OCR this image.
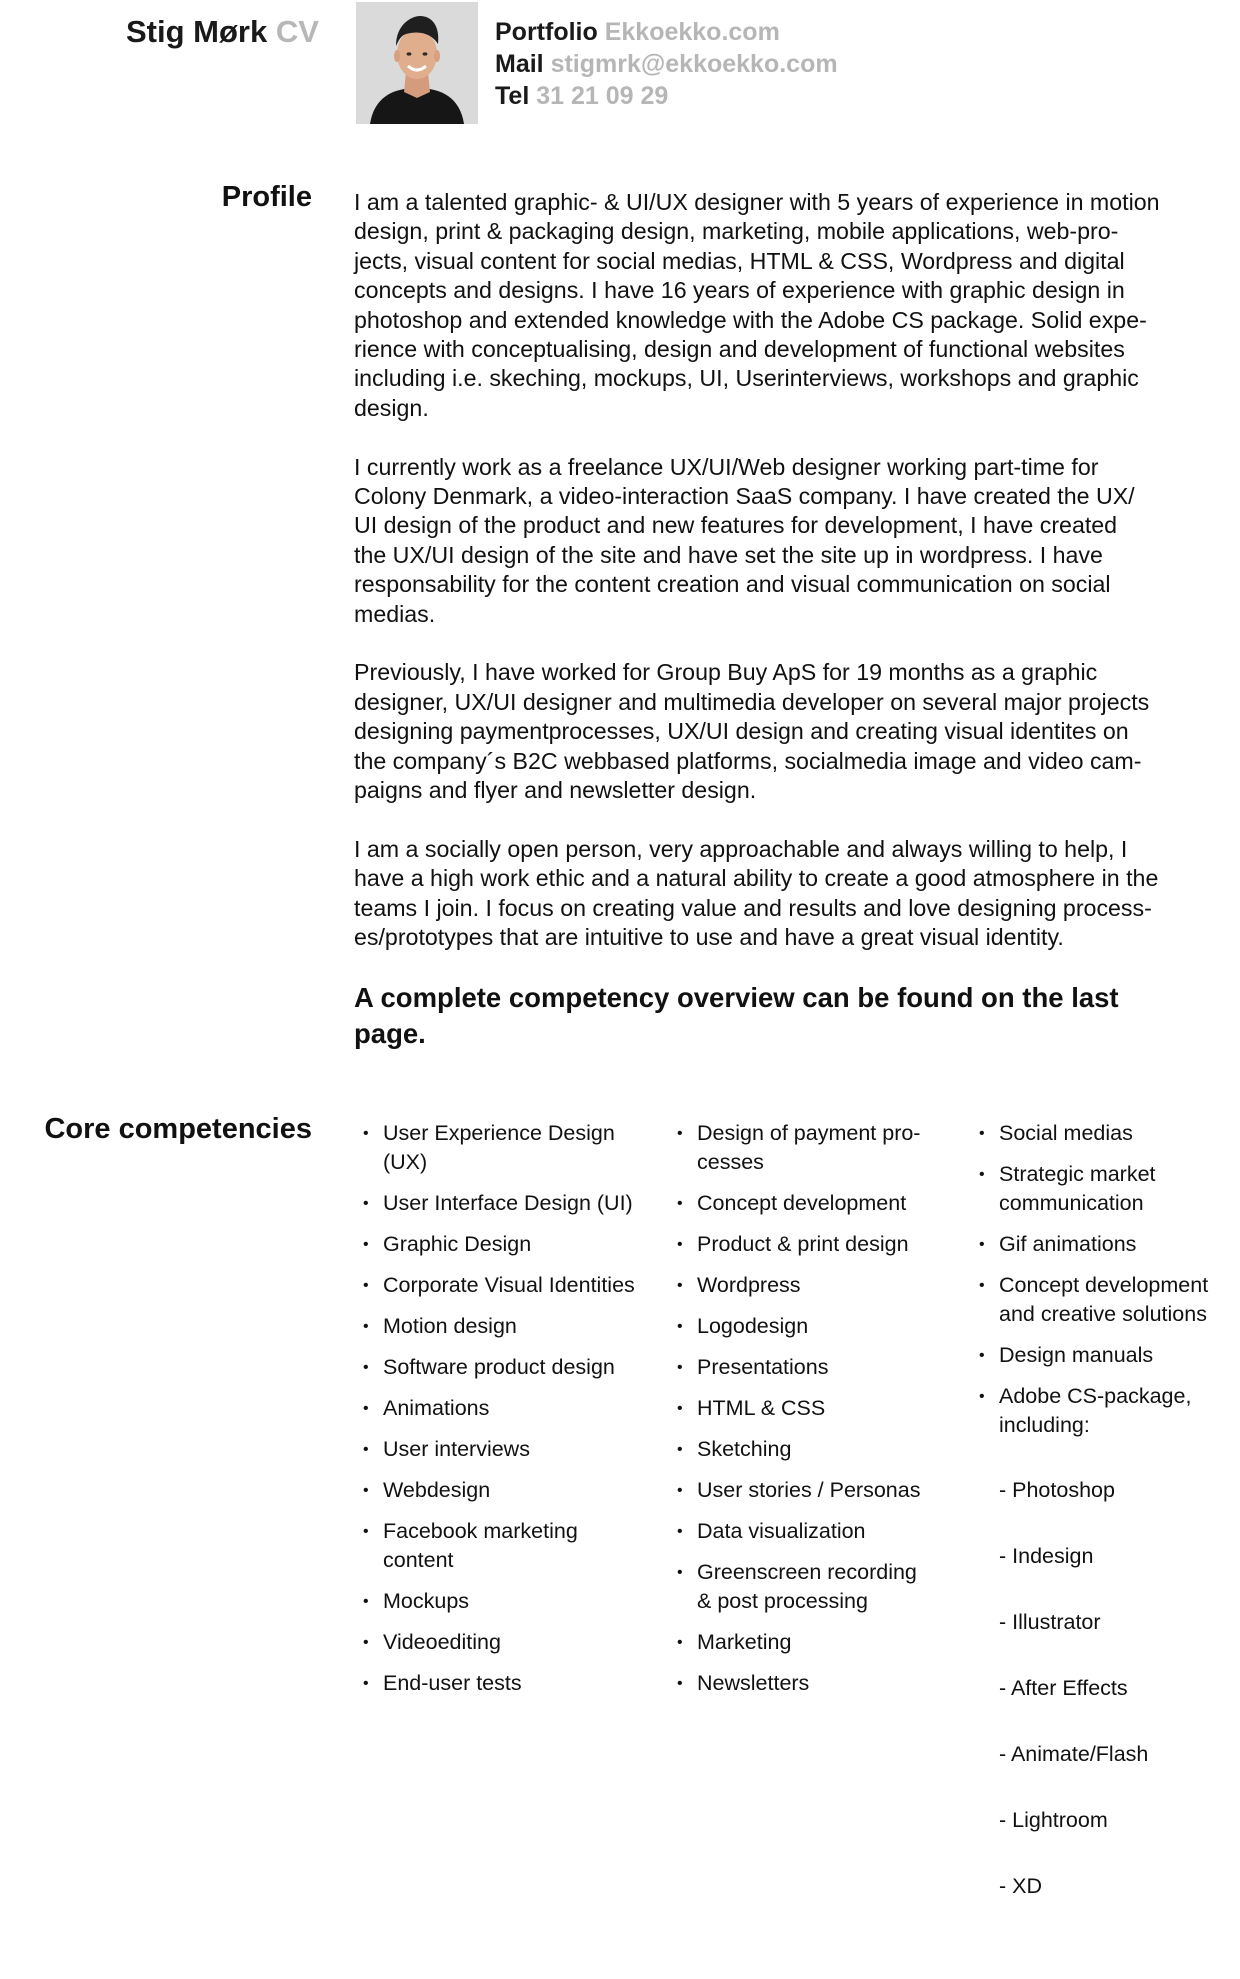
Stig Mørk CV	Portfolio Ekkoekko.com
Mail stigmrk@ekkoekko.com
Tel 31 21 09 29
Profile I am a talented graphic- & UI/UX designer with 5 years of experience in motion
design, print & packaging design, marketing, mobile applications, web-pro-
jects, visual content for social medias, HTML & CSS, Wordpress and digital
concepts and designs. I have 16 years of experience with graphic design in
photoshop and extended knowledge with the Adobe CS package. Solid expe-
rience with conceptualising, design and development of functional websites
including i.e. skeching, mockups, UI, Userinterviews, workshops and graphic
design.

I currently work as a freelance UX/UI/Web designer working part-time for
Colony Denmark, a video-interaction SaaS company. I have created the UX/
UI design of the product and new features for development, I have created
the UX/UI design of the site and have set the site up in wordpress. I have
responsability for the content creation and visual communication on social
medias.

Previously, I have worked for Group Buy ApS for 19 months as a graphic
designer, UX/UI designer and multimedia developer on several major projects
designing paymentprocesses, UX/UI design and creating visual identites on
the company´s B2C webbased platforms, socialmedia image and video cam-
paigns and flyer and newsletter design.

I am a socially open person, very approachable and always willing to help, I
have a high work ethic and a natural ability to create a good atmosphere in the
teams I join. I focus on creating value and results and love designing process-
es/prototypes that are intuitive to use and have a great visual identity.

A complete competency overview can be found on the last
page.
Core competencies	• User Experience Design
(UX)
• User Interface Design (UI)
• Graphic Design
• Corporate Visual Identities
• Motion design
• Software product design
• Animations
• User interviews
• Webdesign
• Facebook marketing
content
• Mockups
• Videoediting
• End-user tests
• Design of payment pro-
cesses
• Concept development
• Product & print design
• Wordpress
• Logodesign
• Presentations
• HTML & CSS
• Sketching
• User stories / Personas
• Data visualization
• Greenscreen recording
& post processing
• Marketing
• Newsletters
• Social medias
• Strategic market
communication
• Gif animations
• Concept development
and creative solutions
• Design manuals
• Adobe CS-package,
including:

- Photoshop

- Indesign

- Illustrator

- After Effects

- Animate/Flash

- Lightroom

- XD
